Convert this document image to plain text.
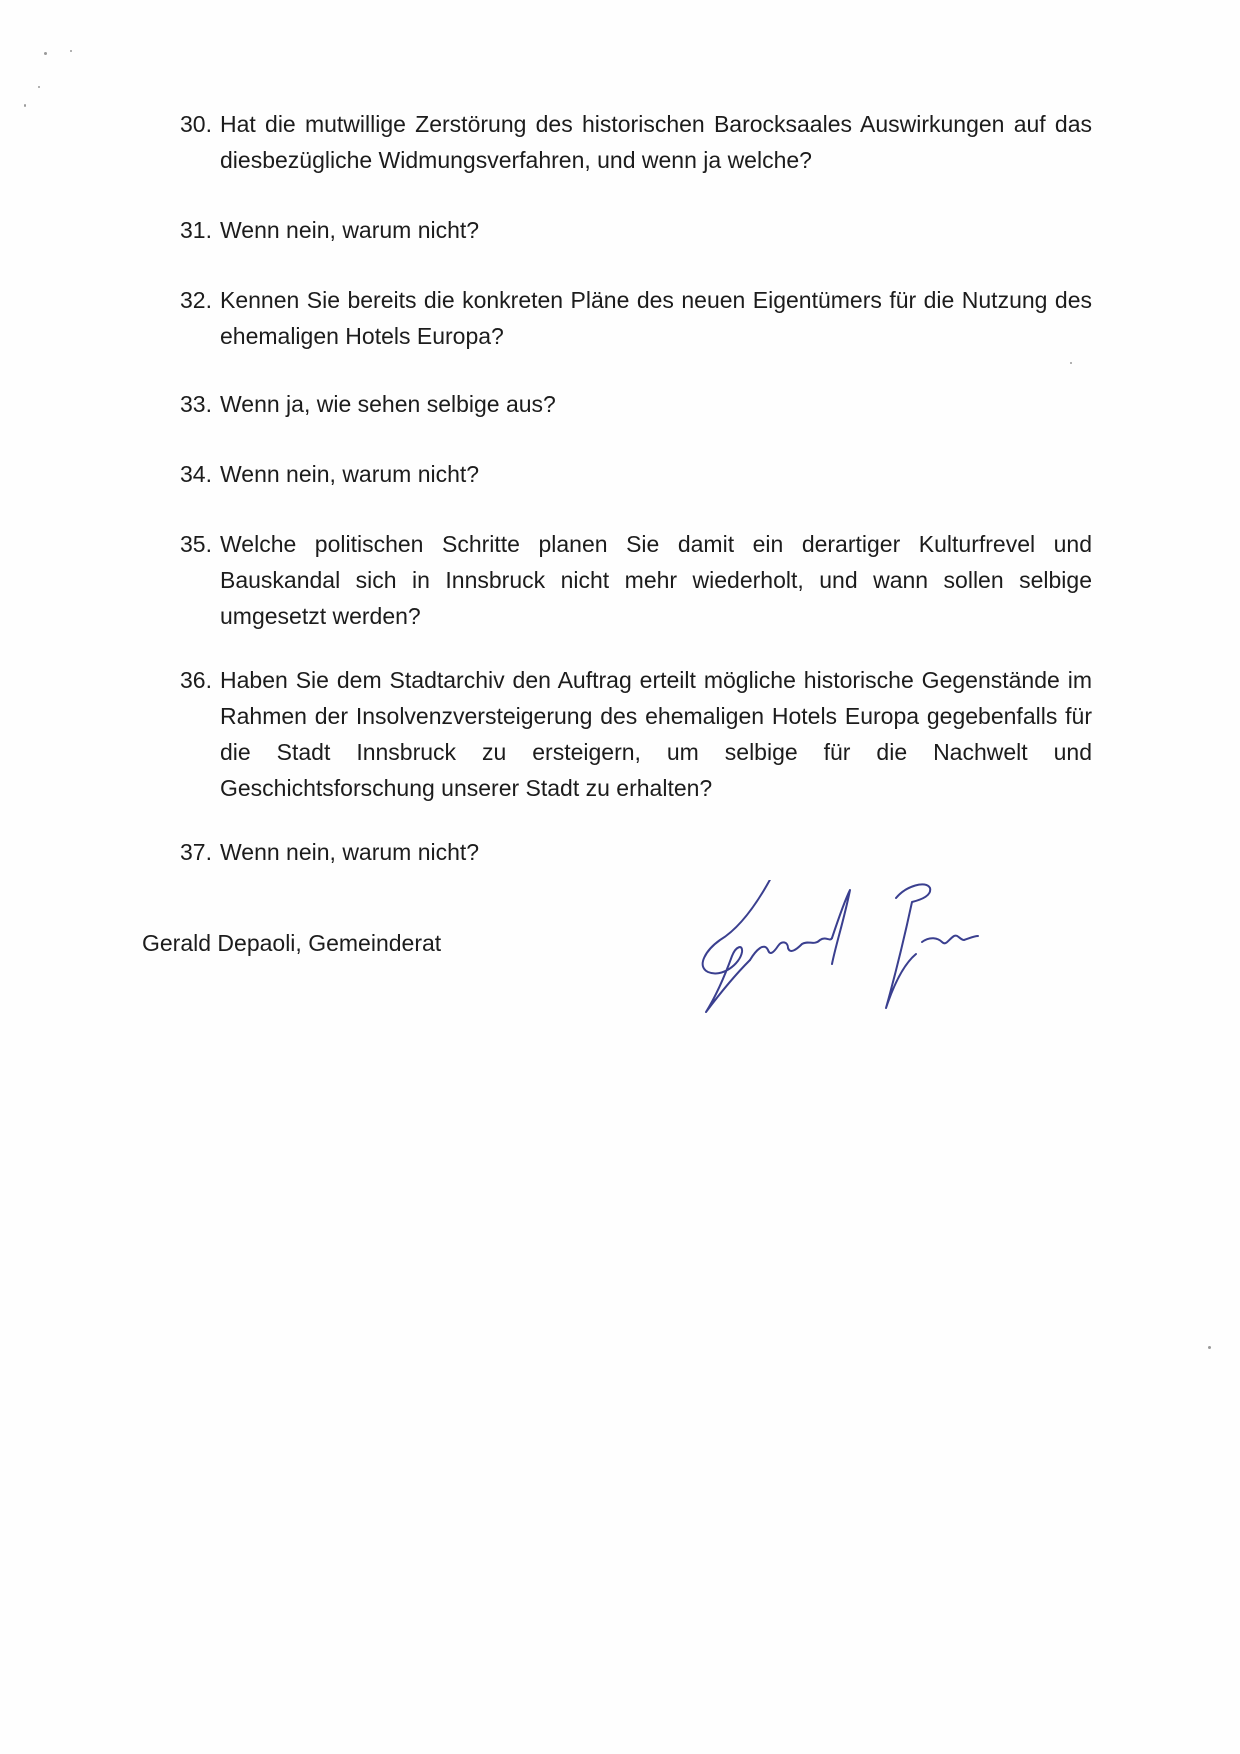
30. Hat die mutwillige Zerstörung des historischen Barocksaales Auswirkungen auf das diesbezügliche Widmungsverfahren, und wenn ja welche?
31. Wenn nein, warum nicht?
32. Kennen Sie bereits die konkreten Pläne des neuen Eigentümers für die Nutzung des ehemaligen Hotels Europa?
33. Wenn ja, wie sehen selbige aus?
34. Wenn nein, warum nicht?
35. Welche politischen Schritte planen Sie damit ein derartiger Kulturfrevel und Bauskandal sich in Innsbruck nicht mehr wiederholt, und wann sollen selbige umgesetzt werden?
36. Haben Sie dem Stadtarchiv den Auftrag erteilt mögliche historische Gegenstände im Rahmen der Insolvenzversteigerung des ehemaligen Hotels Europa gegebenfalls für die Stadt Innsbruck zu ersteigern, um selbige für die Nachwelt und Geschichtsforschung unserer Stadt zu erhalten?
37. Wenn nein, warum nicht?
Gerald Depaoli, Gemeinderat
